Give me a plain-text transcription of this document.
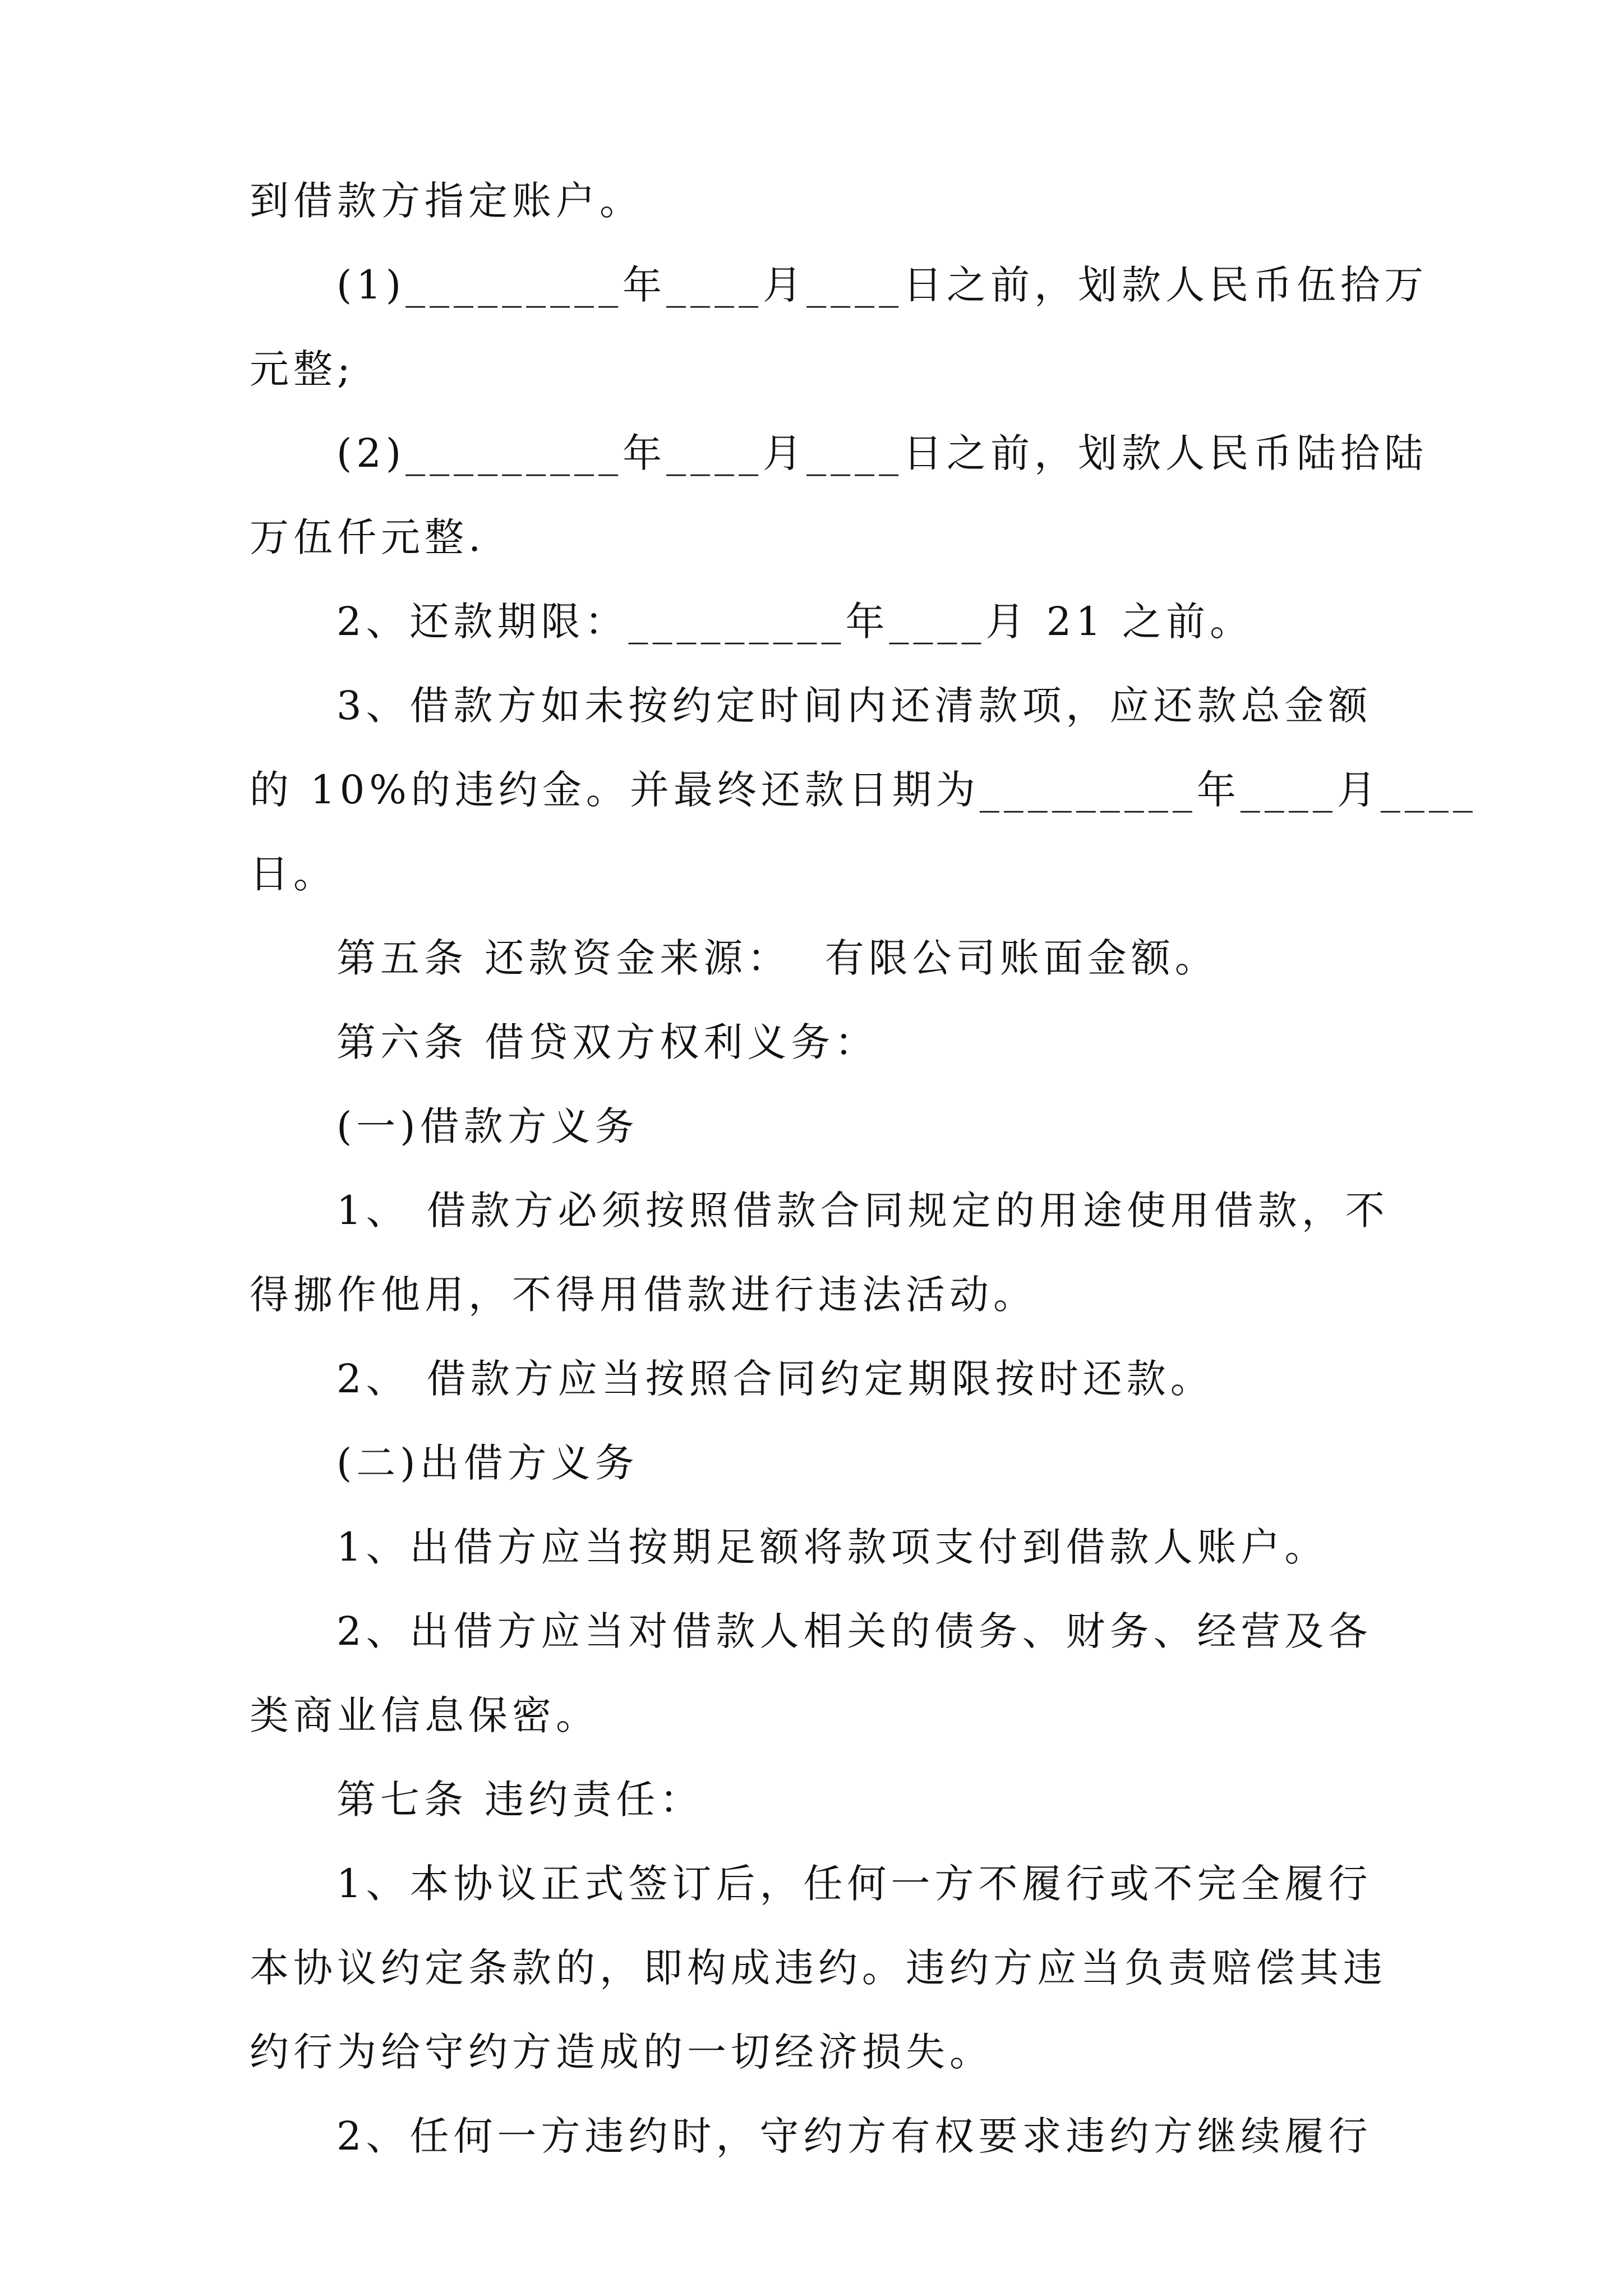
到借款方指定账户。
(1)_________年____月____日之前，划款人民币伍拾万
元整;
(2)_________年____月____日之前，划款人民币陆拾陆
万伍仟元整.
2、还款期限：_________年____月 21 之前。
3、借款方如未按约定时间内还清款项，应还款总金额
的 10%的违约金。并最终还款日期为_________年____月____
日。
第五条 还款资金来源：  有限公司账面金额。
第六条 借贷双方权利义务：
(一)借款方义务
1、 借款方必须按照借款合同规定的用途使用借款，不
得挪作他用，不得用借款进行违法活动。
2、 借款方应当按照合同约定期限按时还款。
(二)出借方义务
1、出借方应当按期足额将款项支付到借款人账户。
2、出借方应当对借款人相关的债务、财务、经营及各
类商业信息保密。
第七条 违约责任：
1、本协议正式签订后，任何一方不履行或不完全履行
本协议约定条款的，即构成违约。违约方应当负责赔偿其违
约行为给守约方造成的一切经济损失。
2、任何一方违约时，守约方有权要求违约方继续履行
